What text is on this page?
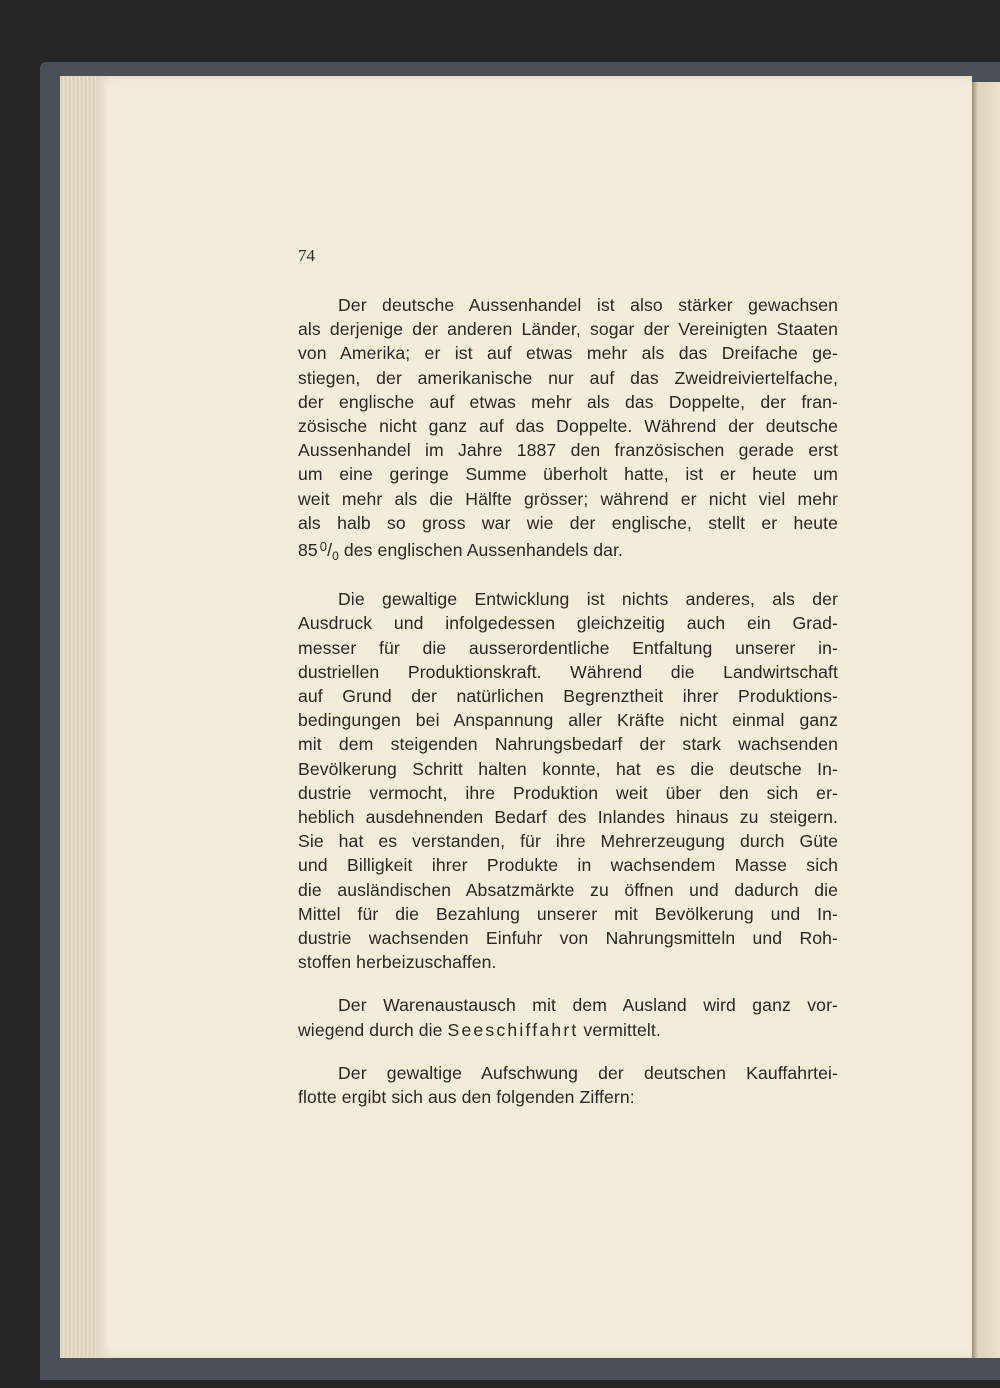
74
Der deutsche Aussenhandel ist also stärker gewachsen
als derjenige der anderen Länder, sogar der Vereinigten Staaten
von Amerika; er ist auf etwas mehr als das Dreifache ge-
stiegen, der amerikanische nur auf das Zweidreiviertelfache,
der englische auf etwas mehr als das Doppelte, der fran-
zösische nicht ganz auf das Doppelte. Während der deutsche
Aussenhandel im Jahre 1887 den französischen gerade erst
um eine geringe Summe überholt hatte, ist er heute um
weit mehr als die Hälfte grösser; während er nicht viel mehr
als halb so gross war wie der englische, stellt er heute
85 $^0/_0$ des englischen Aussenhandels dar.
Die gewaltige Entwicklung ist nichts anderes, als der
Ausdruck und infolgedessen gleichzeitig auch ein Grad-
messer für die ausserordentliche Entfaltung unserer in-
dustriellen Produktionskraft. Während die Landwirtschaft
auf Grund der natürlichen Begrenztheit ihrer Produktions-
bedingungen bei Anspannung aller Kräfte nicht einmal ganz
mit dem steigenden Nahrungsbedarf der stark wachsenden
Bevölkerung Schritt halten konnte, hat es die deutsche In-
dustrie vermocht, ihre Produktion weit über den sich er-
heblich ausdehnenden Bedarf des Inlandes hinaus zu steigern.
Sie hat es verstanden, für ihre Mehrerzeugung durch Güte
und Billigkeit ihrer Produkte in wachsendem Masse sich
die ausländischen Absatzmärkte zu öffnen und dadurch die
Mittel für die Bezahlung unserer mit Bevölkerung und In-
dustrie wachsenden Einfuhr von Nahrungsmitteln und Roh-
stoffen herbeizuschaffen.
Der Warenaustausch mit dem Ausland wird ganz vor-
wiegend durch die Seeschiffahrt vermittelt.
Der gewaltige Aufschwung der deutschen Kauffahrtei-
flotte ergibt sich aus den folgenden Ziffern:
